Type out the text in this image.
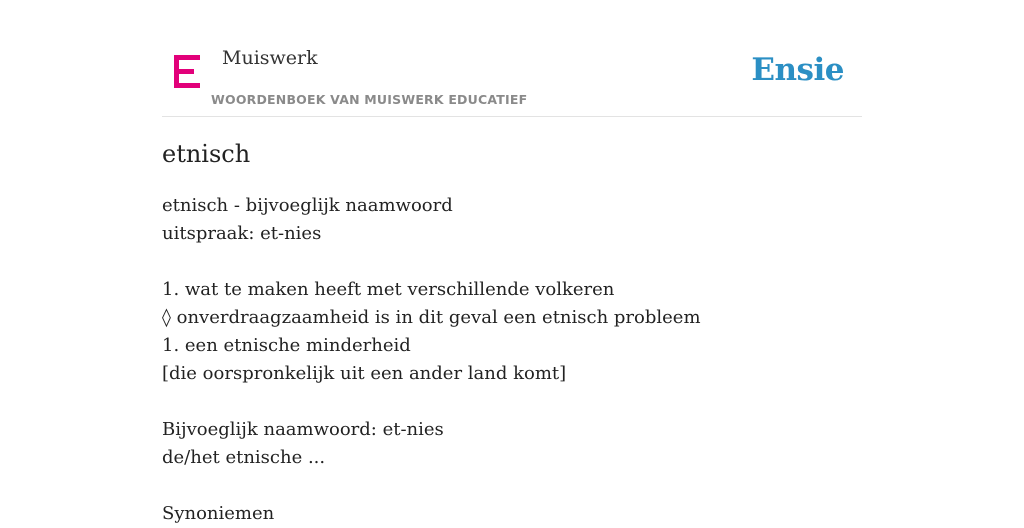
Muiswerk
WOORDENBOEK VAN MUISWERK EDUCATIEF
Ensie
etnisch
etnisch - bijvoeglijk naamwoord
uitspraak: et-nies
1. wat te maken heeft met verschillende volkeren
◊ onverdraagzaamheid is in dit geval een etnisch probleem
1. een etnische minderheid
[die oorspronkelijk uit een ander land komt]
Bijvoeglijk naamwoord: et-nies
de/het etnische ...
Synoniemen
